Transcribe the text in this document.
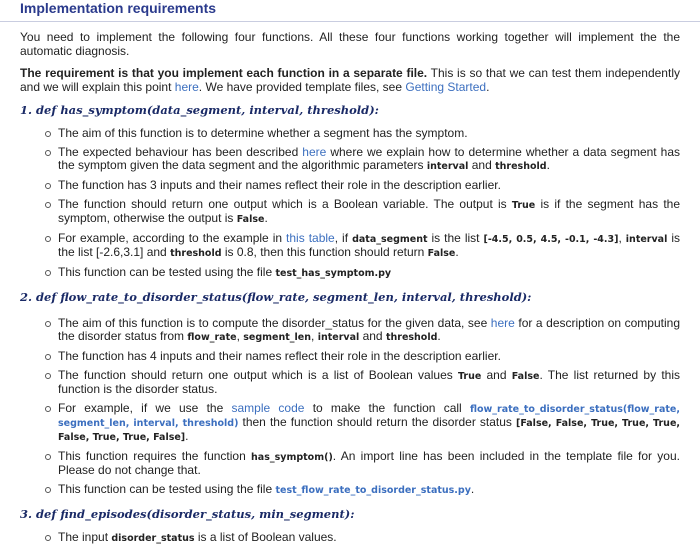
Implementation requirements

You need to implement the following four functions. All these four functions working together will implement the the automatic diagnosis.

The requirement is that you implement each function in a separate file. This is so that we can test them independently and we will explain this point here. We have provided template files, see Getting Started.

1. def has_symptom(data_segment, interval, threshold):
The aim of this function is to determine whether a segment has the symptom.
The expected behaviour has been described here where we explain how to determine whether a data segment has the symptom given the data segment and the algorithmic parameters interval and threshold.
The function has 3 inputs and their names reflect their role in the description earlier.
The function should return one output which is a Boolean variable. The output is True is if the segment has the symptom, otherwise the output is False.
For example, according to the example in this table, if data_segment is the list [-4.5, 0.5, 4.5, -0.1, -4.3], interval is the list [-2.6,3.1] and threshold is 0.8, then this function should return False.
This function can be tested using the file test_has_symptom.py
2. def flow_rate_to_disorder_status(flow_rate, segment_len, interval, threshold):
The aim of this function is to compute the disorder_status for the given data, see here for a description on computing the disorder status from flow_rate, segment_len, interval and threshold.
The function has 4 inputs and their names reflect their role in the description earlier.
The function should return one output which is a list of Boolean values True and False. The list returned by this function is the disorder status.
For example, if we use the sample code to make the function call flow_rate_to_disorder_status(flow_rate, segment_len, interval, threshold) then the function should return the disorder status [False, False, True, True, True, False, True, True, False].
This function requires the function has_symptom(). An import line has been included in the template file for you. Please do not change that.
This function can be tested using the file test_flow_rate_to_disorder_status.py.
3. def find_episodes(disorder_status, min_segment):
The input disorder_status is a list of Boolean values.
